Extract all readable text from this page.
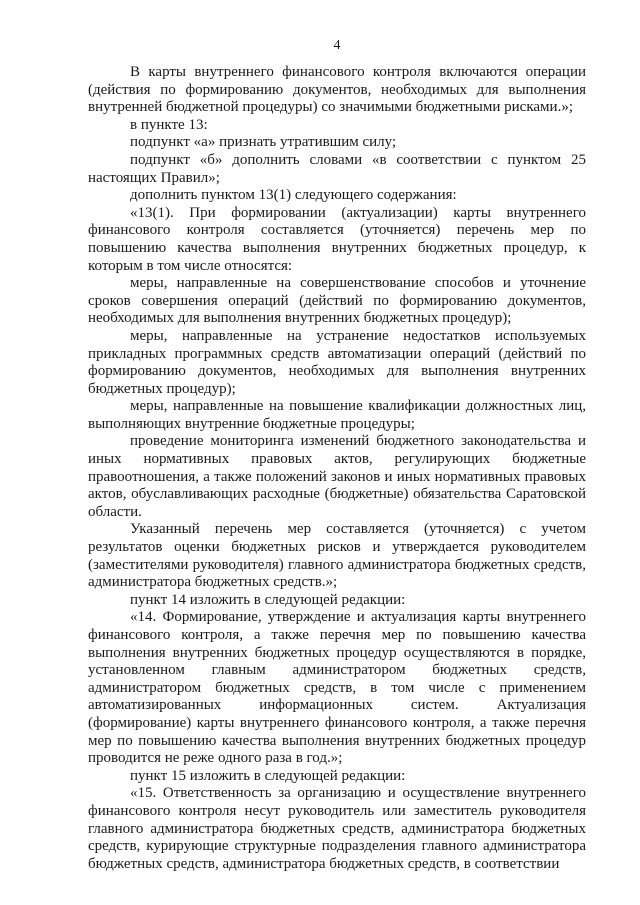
4

В карты внутреннего финансового контроля включаются операции (действия по формированию документов, необходимых для выполнения внутренней бюджетной процедуры) со значимыми бюджетными рисками.»;

в пункте 13:

подпункт «а» признать утратившим силу;

подпункт «б» дополнить словами «в соответствии с пунктом 25 настоящих Правил»;

дополнить пунктом 13(1) следующего содержания:

«13(1). При формировании (актуализации) карты внутреннего финансового контроля составляется (уточняется) перечень мер по повышению качества выполнения внутренних бюджетных процедур, к которым в том числе относятся:

меры, направленные на совершенствование способов и уточнение сроков совершения операций (действий по формированию документов, необходимых для выполнения внутренних бюджетных процедур);

меры, направленные на устранение недостатков используемых прикладных программных средств автоматизации операций (действий по формированию документов, необходимых для выполнения внутренних бюджетных процедур);

меры, направленные на повышение квалификации должностных лиц, выполняющих внутренние бюджетные процедуры;

проведение мониторинга изменений бюджетного законодательства и иных нормативных правовых актов, регулирующих бюджетные правоотношения, а также положений законов и иных нормативных правовых актов, обуславливающих расходные (бюджетные) обязательства Саратовской области.

Указанный перечень мер составляется (уточняется) с учетом результатов оценки бюджетных рисков и утверждается руководителем (заместителями руководителя) главного администратора бюджетных средств, администратора бюджетных средств.»;

пункт 14 изложить в следующей редакции:

«14. Формирование, утверждение и актуализация карты внутреннего финансового контроля, а также перечня мер по повышению качества выполнения внутренних бюджетных процедур осуществляются в порядке, установленном главным администратором бюджетных средств, администратором бюджетных средств, в том числе с применением автоматизированных информационных систем. Актуализация (формирование) карты внутреннего финансового контроля, а также перечня мер по повышению качества выполнения внутренних бюджетных процедур проводится не реже одного раза в год.»;

пункт 15 изложить в следующей редакции:

«15. Ответственность за организацию и осуществление внутреннего финансового контроля несут руководитель или заместитель руководителя главного администратора бюджетных средств, администратора бюджетных средств, курирующие структурные подразделения главного администратора бюджетных средств, администратора бюджетных средств, в соответствии
